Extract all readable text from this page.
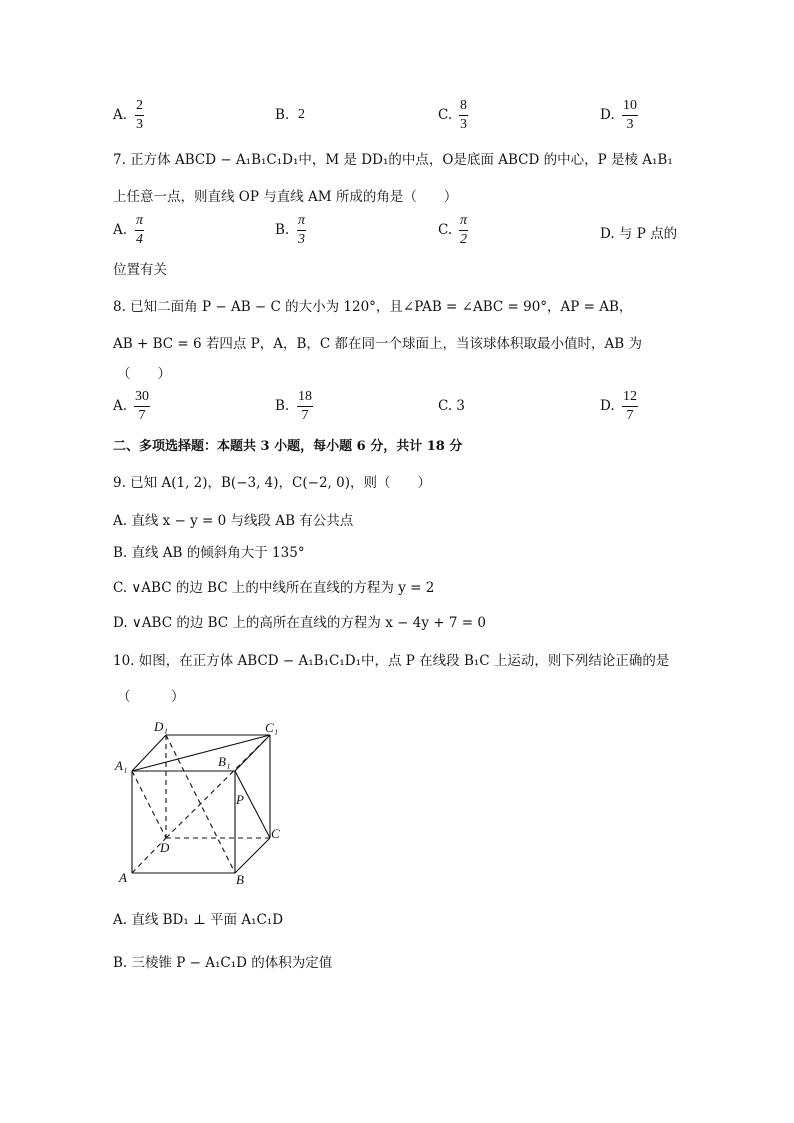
A.
2
3
B. 2	C.
8
3
D.
10
3
7. 正方体 ABCD − A₁B₁C₁D₁中，M 是 DD₁的中点，O是底面 ABCD 的中心，P 是棱 A₁B₁
上任意一点，则直线 OP 与直线 AM 所成的角是（　　）
A.
π
4
B.
π
3
C.
π
2	D. 与 P 点的
位置有关
8. 已知二面角 P − AB − C 的大小为 120°，且∠PAB = ∠ABC = 90°，AP = AB，
AB + BC = 6 若四点 P，A，B，C 都在同一个球面上，当该球体积取最小值时，AB 为
（　　）
A.
30
7
B.
18
7
C. 3	D.
12
7
二、多项选择题：本题共 3 小题，每小题 6 分，共计 18 分
9. 已知 A(1, 2)，B(−3, 4)，C(−2, 0)，则（　　）
A. 直线 x − y = 0 与线段 AB 有公共点
B. 直线 AB 的倾斜角大于 135°
C. ∨ABC 的边 BC 上的中线所在直线的方程为 y = 2
D. ∨ABC 的边 BC 上的高所在直线的方程为 x − 4y + 7 = 0
10. 如图，在正方体 ABCD − A₁B₁C₁D₁中，点 P 在线段 B₁C 上运动，则下列结论正确的是
（　　　）
D₁	C₁
A₁	B₁
P
C
D
A	B
A. 直线 BD₁ ⊥ 平面 A₁C₁D
B. 三棱锥 P − A₁C₁D 的体积为定值
